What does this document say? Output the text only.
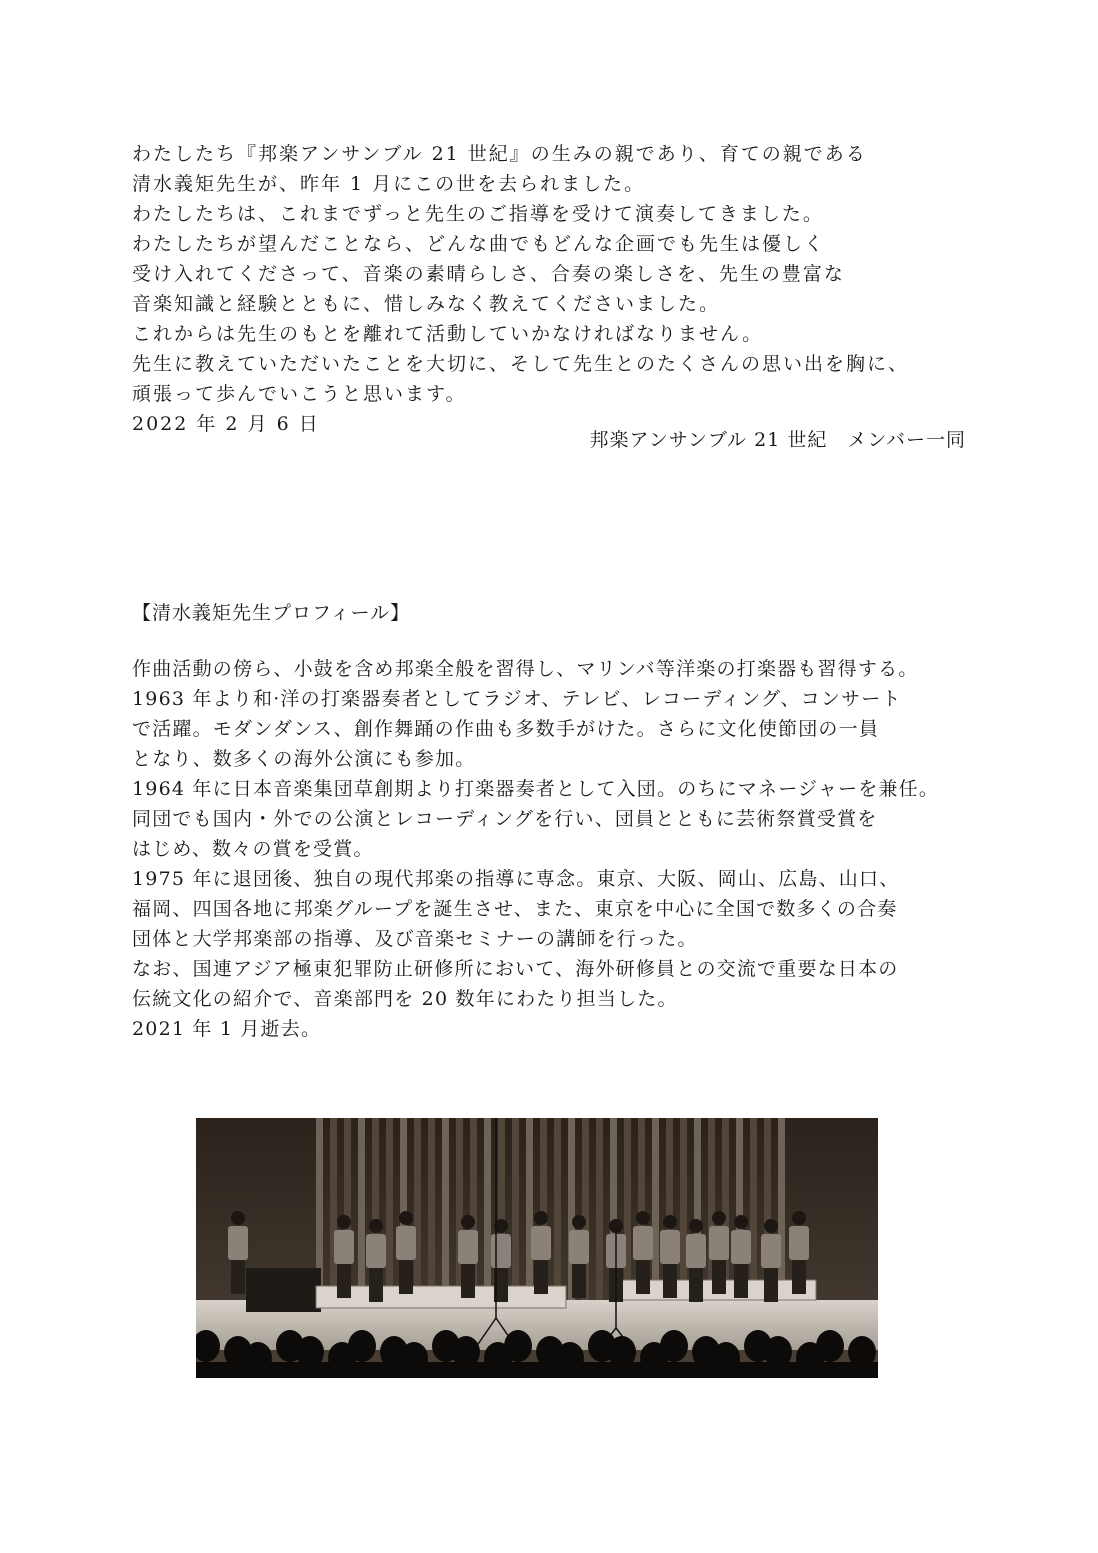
わたしたち『邦楽アンサンブル 21 世紀』の生みの親であり、育ての親である

清水義矩先生が、昨年 1 月にこの世を去られました。

わたしたちは、これまでずっと先生のご指導を受けて演奏してきました。

わたしたちが望んだことなら、どんな曲でもどんな企画でも先生は優しく

受け入れてくださって、音楽の素晴らしさ、合奏の楽しさを、先生の豊富な

音楽知識と経験とともに、惜しみなく教えてくださいました。

これからは先生のもとを離れて活動していかなければなりません。

先生に教えていただいたことを大切に、そして先生とのたくさんの思い出を胸に、

頑張って歩んでいこうと思います。

2022 年 2 月 6 日

邦楽アンサンブル 21 世紀　メンバー一同
【清水義矩先生プロフィール】

作曲活動の傍ら、小鼓を含め邦楽全般を習得し、マリンバ等洋楽の打楽器も習得する。

1963 年より和·洋の打楽器奏者としてラジオ、テレビ、レコーディング、コンサート

で活躍。モダンダンス、創作舞踊の作曲も多数手がけた。さらに文化使節団の一員

となり、数多くの海外公演にも参加。

1964 年に日本音楽集団草創期より打楽器奏者として入団。のちにマネージャーを兼任。

同団でも国内・外での公演とレコーディングを行い、団員とともに芸術祭賞受賞を

はじめ、数々の賞を受賞。

1975 年に退団後、独自の現代邦楽の指導に専念。東京、大阪、岡山、広島、山口、

福岡、四国各地に邦楽グループを誕生させ、また、東京を中心に全国で数多くの合奏

団体と大学邦楽部の指導、及び音楽セミナーの講師を行った。

なお、国連アジア極東犯罪防止研修所において、海外研修員との交流で重要な日本の

伝統文化の紹介で、音楽部門を 20 数年にわたり担当した。

2021 年 1 月逝去。
